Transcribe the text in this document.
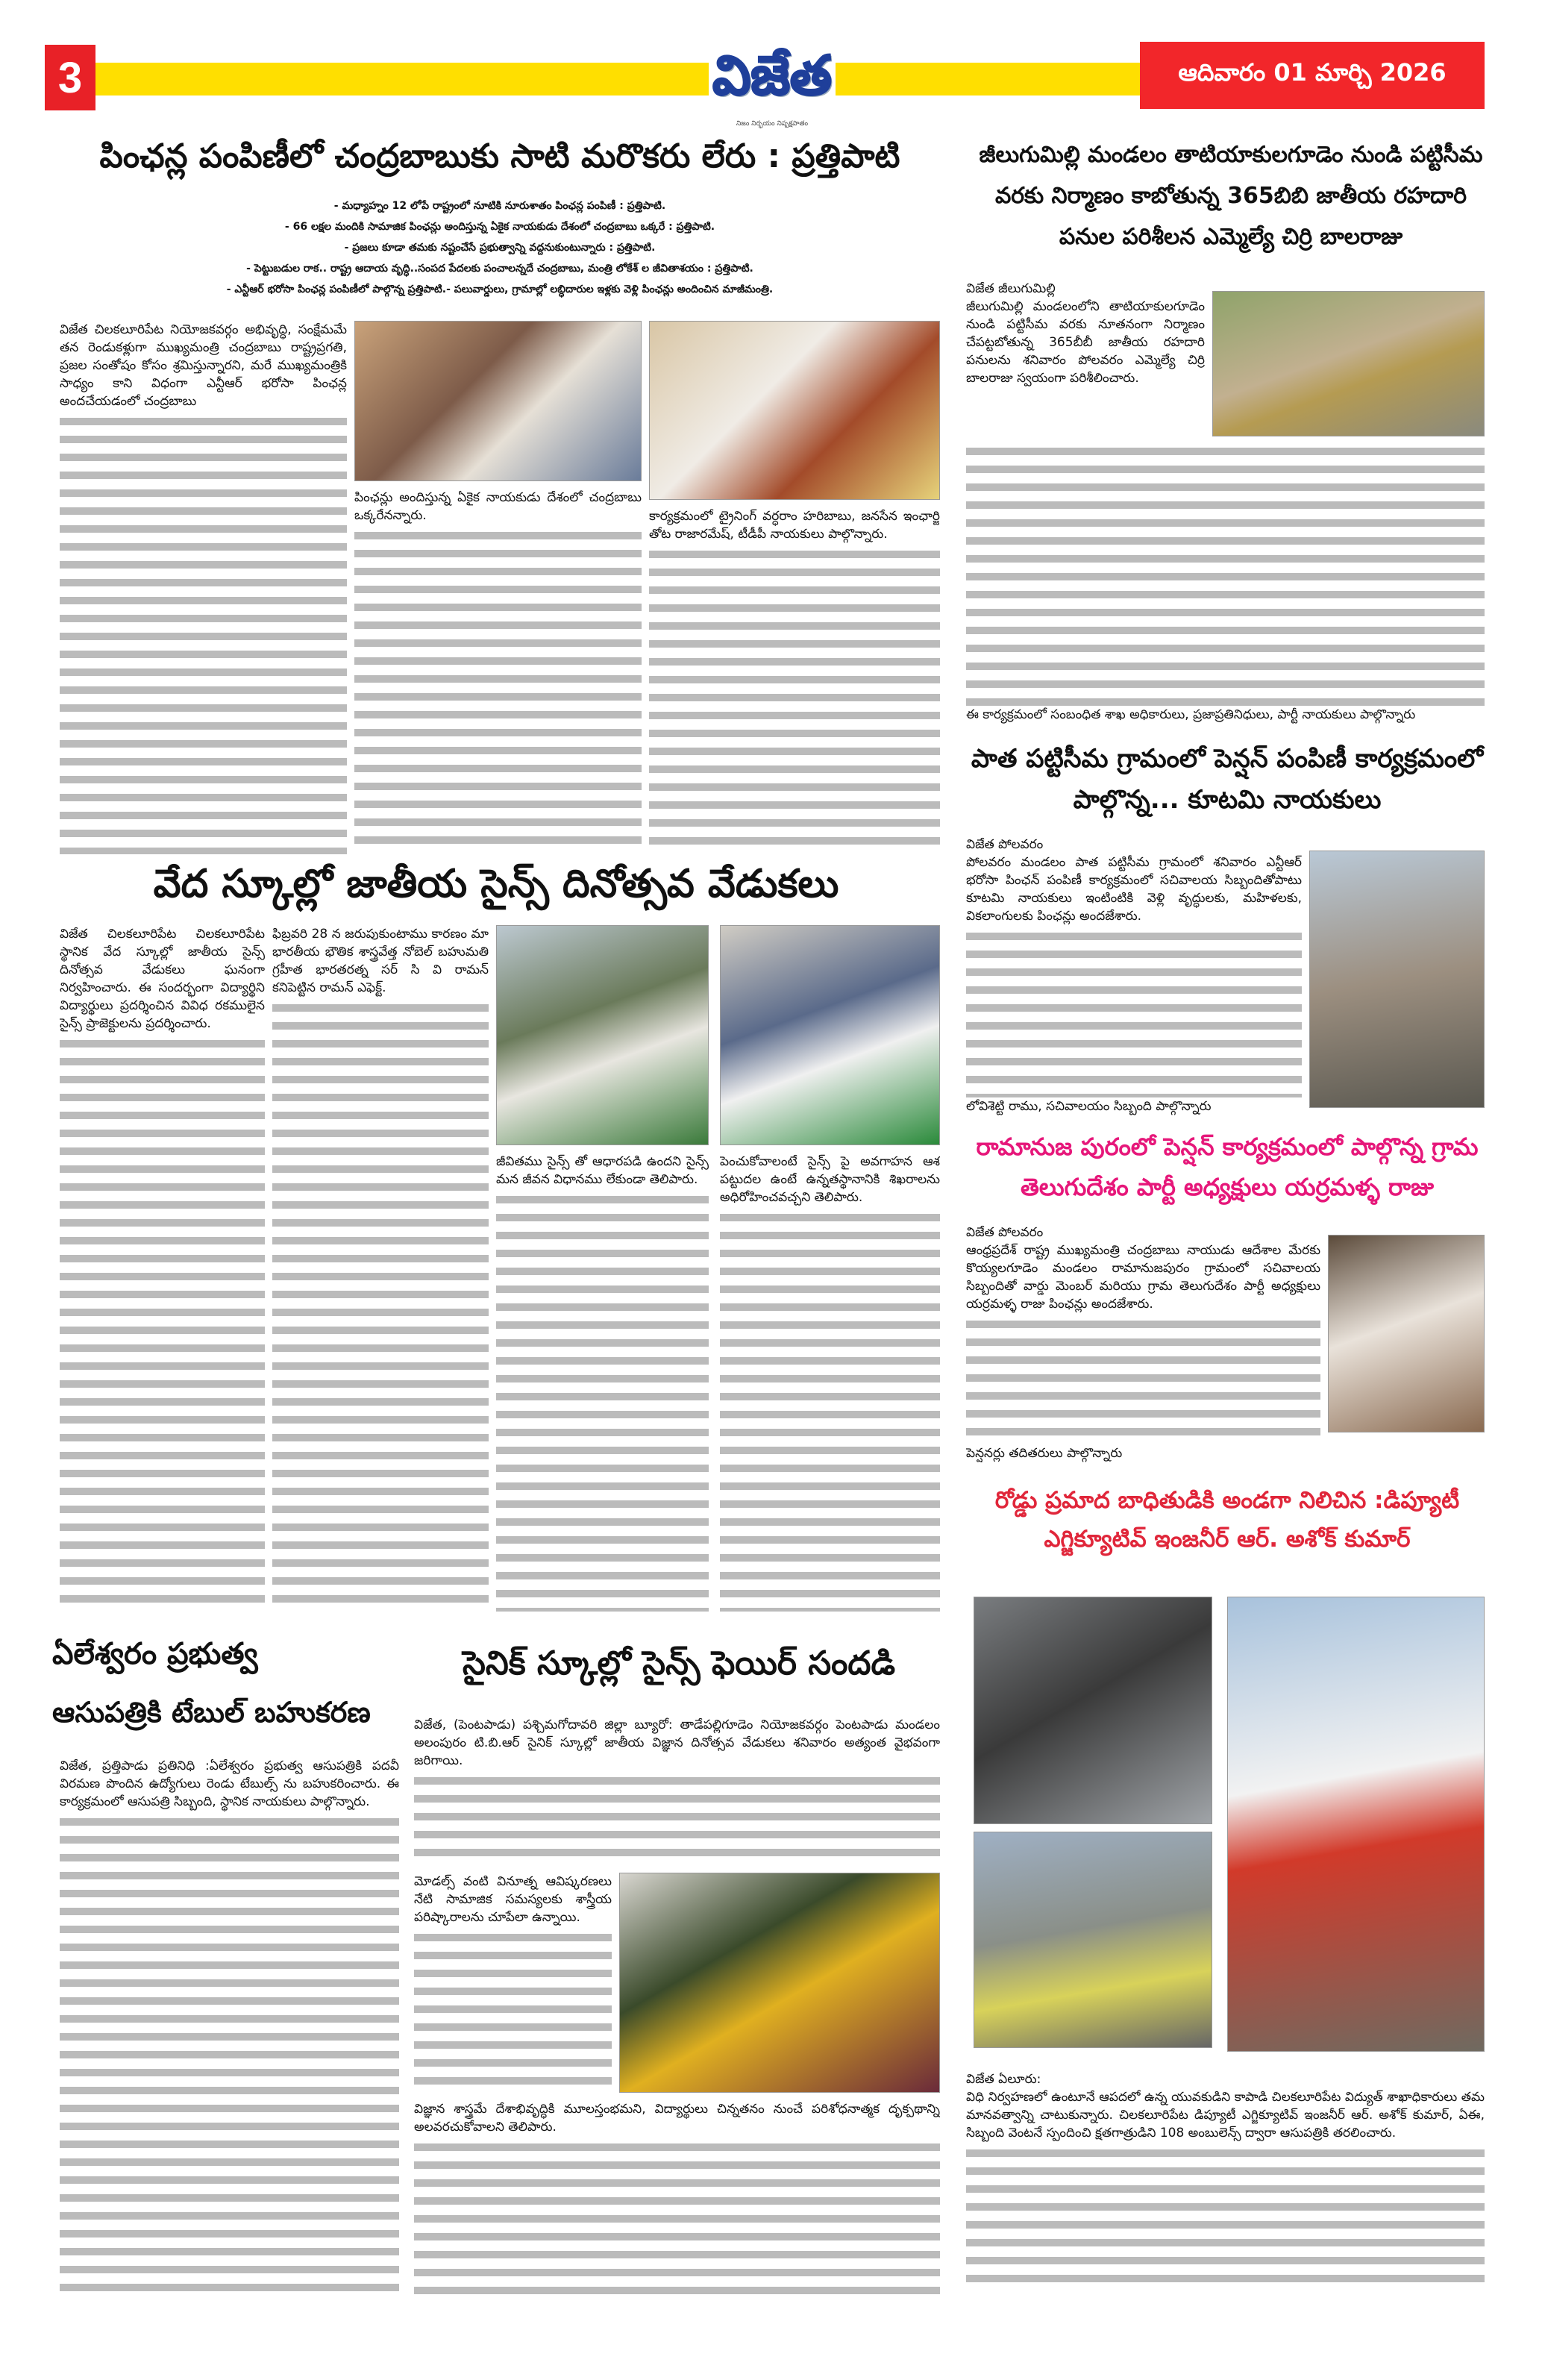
3	విజేత
నిజం నిర్భయం నిష్పక్షపాతం
ఆదివారం 01 మార్చి 2026
పింఛన్ల పంపిణీలో చంద్రబాబుకు సాటి మరొకరు లేరు : ప్రత్తిపాటి
- మధ్యాహ్నం 12 లోపే రాష్ట్రంలో నూటికి నూరుశాతం పింఛన్ల పంపిణీ : ప్రత్తిపాటి.
- 66 లక్షల మందికి సామాజిక పింఛన్లు అందిస్తున్న ఏకైక నాయకుడు దేశంలో చంద్రబాబు ఒక్కరే : ప్రత్తిపాటి.
- ప్రజలు కూడా తమకు నష్టంచేసే ప్రభుత్వాన్ని వద్దనుకుంటున్నారు : ప్రత్తిపాటి.
- పెట్టుబడుల రాక.. రాష్ట్ర ఆదాయ వృద్ధి..సంపద పేదలకు పంచాలన్నదే చంద్రబాబు, మంత్రి లోకేశ్ ల జీవితాశయం : ప్రత్తిపాటి.
- ఎన్టీఆర్ భరోసా పింఛన్ల పంపిణీలో పాల్గొన్న ప్రత్తిపాటి.- పలువార్డులు, గ్రామాల్లో లబ్ధిదారుల ఇళ్లకు వెళ్లి పింఛన్లు అందించిన మాజీమంత్రి.

విజేత చిలకలూరిపేట నియోజకవర్గం అభివృద్ధి, సంక్షేమమే తన రెండుకళ్లుగా ముఖ్యమంత్రి చంద్రబాబు రాష్ట్రప్రగతి, ప్రజల సంతోషం కోసం శ్రమిస్తున్నారని, మరే ముఖ్యమంత్రికి సాధ్యం కాని విధంగా ఎన్టీఆర్ భరోసా పింఛన్ల అందచేయడంలో చంద్రబాబు

పింఛన్లు అందిస్తున్న ఏకైక నాయకుడు దేశంలో చంద్రబాబు ఒక్కరేనన్నారు.	కార్యక్రమంలో ట్రైనింగ్ వర్ధరాం హరిబాబు, జనసేన ఇంఛార్జి తోట రాజారమేష్, టీడీపీ నాయకులు పాల్గొన్నారు.

జీలుగుమిల్లి మండలం తాటియాకులగూడెం నుండి పట్టిసీమ వరకు నిర్మాణం కాబోతున్న 365బిబి జాతీయ రహదారి పనుల పరిశీలన ఎమ్మెల్యే చిర్రి బాలరాజు

విజేత జీలుగుమిల్లి

జీలుగుమిల్లి మండలంలోని తాటియాకులగూడెం నుండి పట్టిసీమ వరకు నూతనంగా నిర్మాణం చేపట్టబోతున్న 365బీబీ జాతీయ రహదారి పనులను శనివారం పోలవరం ఎమ్మెల్యే చిర్రి బాలరాజు స్వయంగా పరిశీలించారు.

ఈ కార్యక్రమంలో సంబంధిత శాఖ అధికారులు, ప్రజాప్రతినిధులు, పార్టీ నాయకులు పాల్గొన్నారు

పాత పట్టిసీమ గ్రామంలో పెన్షన్ పంపిణీ కార్యక్రమంలో పాల్గొన్న... కూటమి నాయకులు

విజేత పోలవరం

పోలవరం మండలం పాత పట్టిసీమ గ్రామంలో శనివారం ఎన్టీఆర్ భరోసా పింఛన్ పంపిణీ కార్యక్రమంలో సచివాలయ సిబ్బందితోపాటు కూటమి నాయకులు ఇంటింటికి వెళ్లి వృద్ధులకు, మహిళలకు, వికలాంగులకు పింఛన్లు అందజేశారు.

లోవిశెట్టి రాము, సచివాలయం సిబ్బంది పాల్గొన్నారు

రామానుజ పురంలో పెన్షన్ కార్యక్రమంలో పాల్గొన్న గ్రామ తెలుగుదేశం పార్టీ అధ్యక్షులు యర్రమళ్ళ రాజు

విజేత పోలవరం

ఆంధ్రప్రదేశ్ రాష్ట్ర ముఖ్యమంత్రి చంద్రబాబు నాయుడు ఆదేశాల మేరకు కొయ్యలగూడెం మండలం రామానుజపురం గ్రామంలో సచివాలయ సిబ్బందితో వార్డు మెంబర్ మరియు గ్రామ తెలుగుదేశం పార్టీ అధ్యక్షులు యర్రమళ్ళ రాజు పింఛన్లు అందజేశారు.

పెన్షనర్లు తదితరులు పాల్గొన్నారు

రోడ్డు ప్రమాద బాధితుడికి అండగా నిలిచిన :డిప్యూటీ ఎగ్జిక్యూటివ్ ఇంజనీర్ ఆర్. అశోక్ కుమార్

విజేత ఏలూరు:

విధి నిర్వహణలో ఉంటూనే ఆపదలో ఉన్న యువకుడిని కాపాడి చిలకలూరిపేట విద్యుత్ శాఖాధికారులు తమ మానవత్వాన్ని చాటుకున్నారు. చిలకలూరిపేట డిప్యూటీ ఎగ్జిక్యూటివ్ ఇంజనీర్ ఆర్. అశోక్ కుమార్, ఏఈ, సిబ్బంది వెంటనే స్పందించి క్షతగాత్రుడిని 108 అంబులెన్స్ ద్వారా ఆసుపత్రికి తరలించారు.

వేద స్కూల్లో జాతీయ సైన్స్ దినోత్సవ వేడుకలు

విజేత చిలకలూరిపేట చిలకలూరిపేట స్థానిక వేద స్కూల్లో జాతీయ సైన్స్ దినోత్సవ వేడుకలు ఘనంగా నిర్వహించారు. ఈ సందర్భంగా విద్యార్థిని విద్యార్థులు ప్రదర్శించిన వివిధ రకములైన సైన్స్ ప్రాజెక్టులను ప్రదర్శించారు.

ఫిబ్రవరి 28 న జరుపుకుంటాము కారణం మా భారతీయ భౌతిక శాస్త్రవేత్త నోబెల్ బహుమతి గ్రహీత భారతరత్న సర్ సి వి రామన్ కనిపెట్టిన రామన్ ఎఫెక్ట్.

జీవితము సైన్స్ తో ఆధారపడి ఉందని సైన్స్ మన జీవన విధానము లేకుండా తెలిపారు.

పెంచుకోవాలంటే సైన్స్ పై అవగాహన ఆశ పట్టుదల ఉంటే ఉన్నతస్థానానికి శిఖరాలను అధిరోహించవచ్చని తెలిపారు.

ఏలేశ్వరం ప్రభుత్వ
ఆసుపత్రికి టేబుల్ బహుకరణ

విజేత, ప్రత్తిపాడు ప్రతినిధి :ఏలేశ్వరం ప్రభుత్వ ఆసుపత్రికి పదవీ విరమణ పొందిన ఉద్యోగులు రెండు టేబుల్స్ ను బహుకరించారు. ఈ కార్యక్రమంలో ఆసుపత్రి సిబ్బంది, స్థానిక నాయకులు పాల్గొన్నారు.

సైనిక్ స్కూల్లో సైన్స్ ఫెయిర్ సందడి

విజేత, (పెంటపాడు) పశ్చిమగోదావరి జిల్లా బ్యూరో: తాడేపల్లిగూడెం నియోజకవర్గం పెంటపాడు మండలం అలంపురం టి.బి.ఆర్ సైనిక్ స్కూల్లో జాతీయ విజ్ఞాన దినోత్సవ వేడుకలు శనివారం అత్యంత వైభవంగా జరిగాయి.

మోడల్స్ వంటి వినూత్న ఆవిష్కరణలు నేటి సామాజిక సమస్యలకు శాస్త్రీయ పరిష్కారాలను చూపేలా ఉన్నాయి.

విజ్ఞాన శాస్త్రమే దేశాభివృద్ధికి మూలస్తంభమని, విద్యార్థులు చిన్నతనం నుంచే పరిశోధనాత్మక దృక్పథాన్ని అలవరచుకోవాలని తెలిపారు.
